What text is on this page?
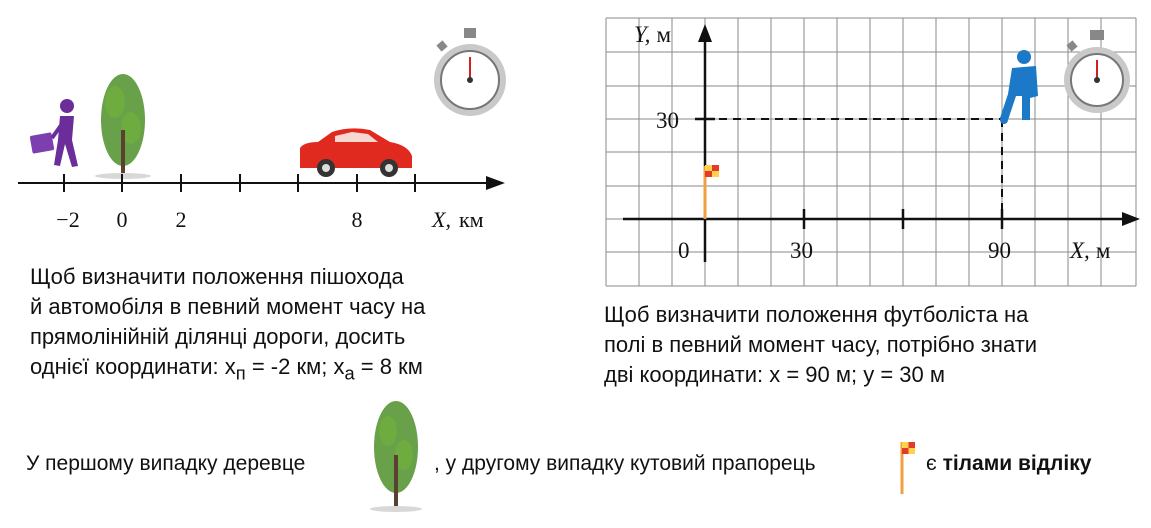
−2 0 2	8	X, км
Y, м
30
0	30	90	X, м
Щоб визначити положення пішохода
й автомобіля в певний момент часу на
прямолінійній ділянці дороги, досить
однієї координати: $x_п = -2$ км; $x_а = 8$ км
Щоб визначити положення футболіста на
полі в певний момент часу, потрібно знати
дві координати: x = 90 м; y = 30 м
У першому випадку деревце	, у другому випадку кутовий прапорець	є тілами відліку
